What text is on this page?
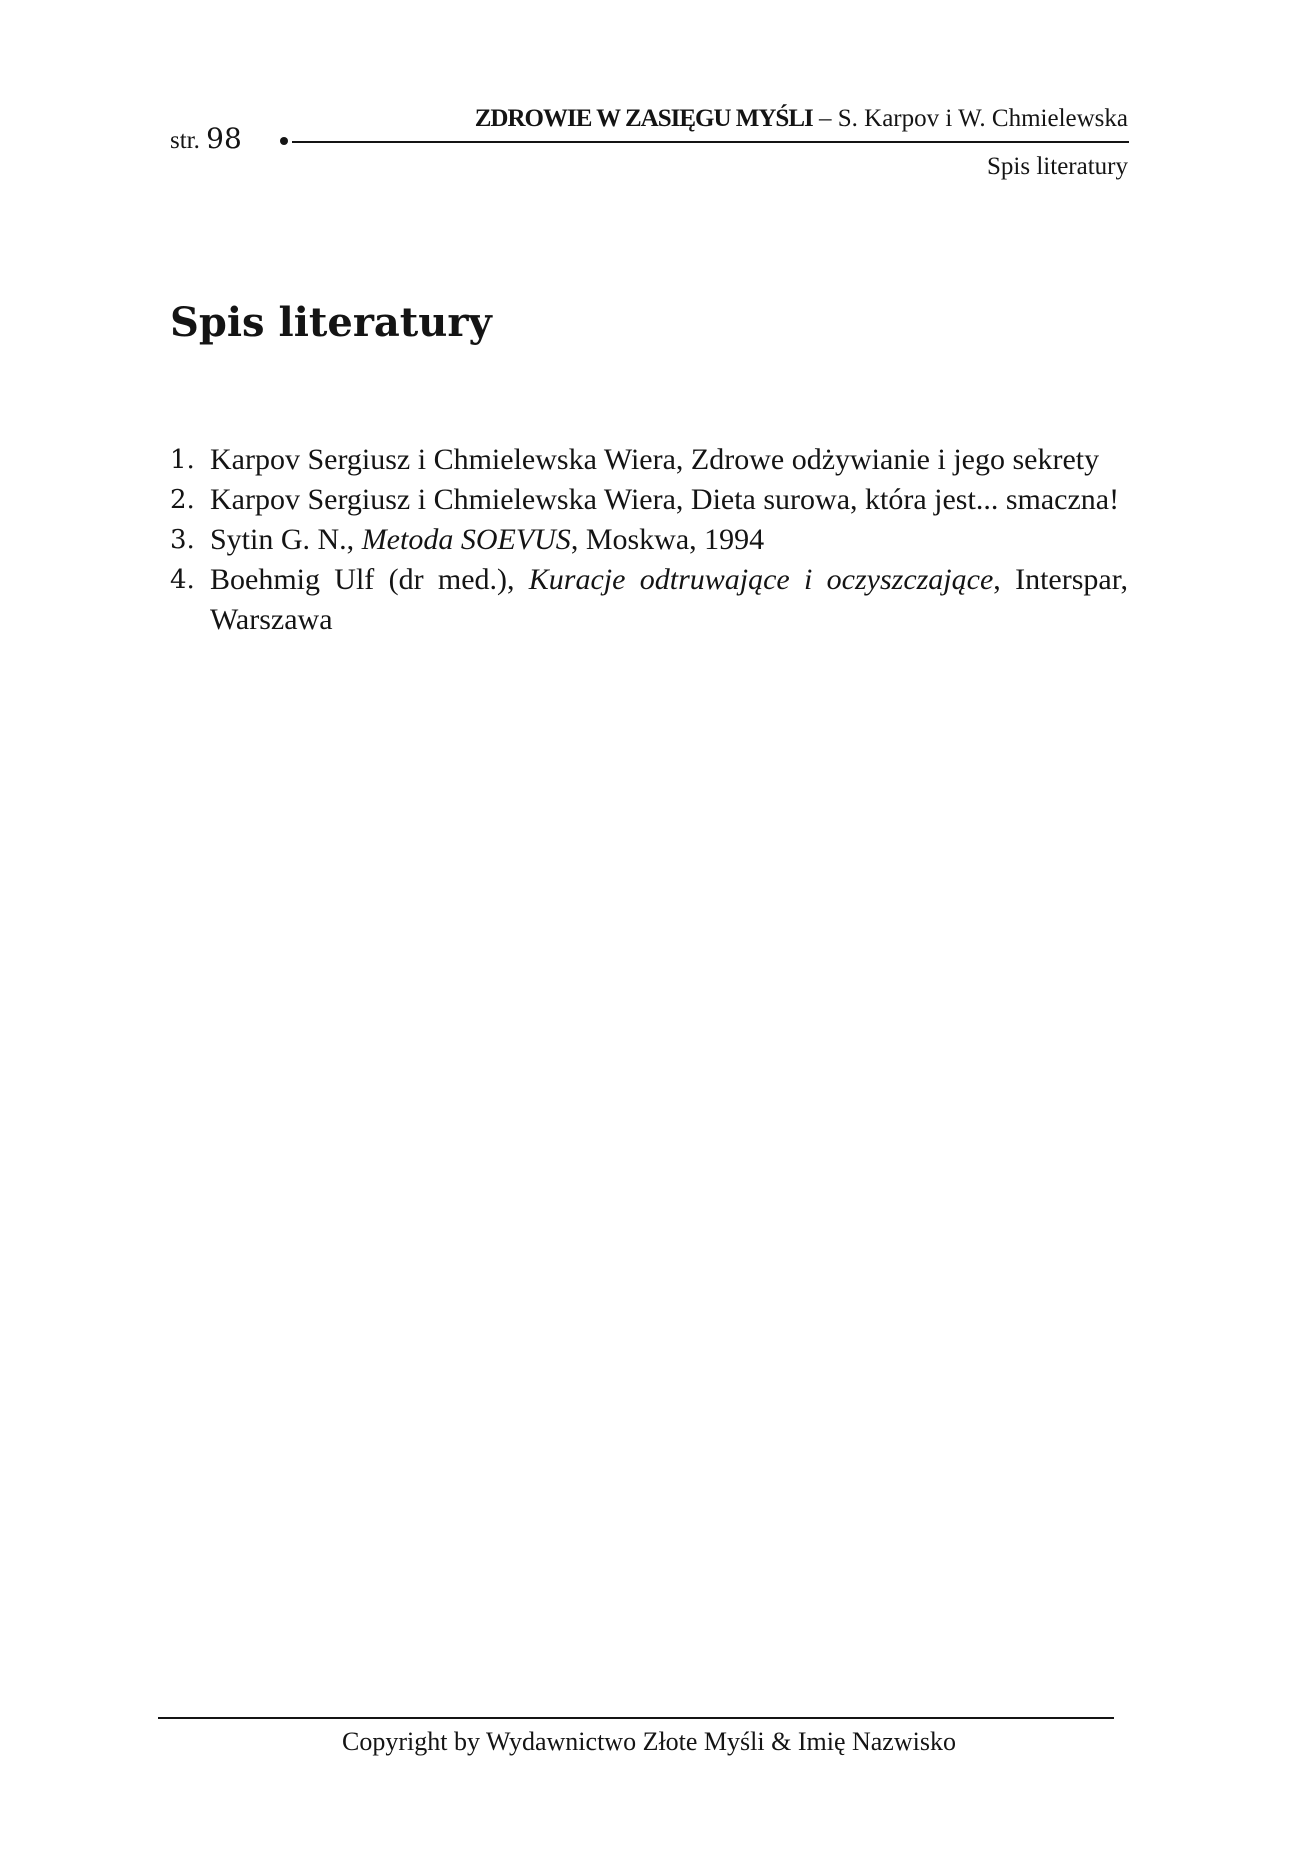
str. 98
ZDROWIE W ZASIĘGU MYŚLI – S. Karpov i W. Chmielewska
Spis literatury
Spis literatury
1. Karpov Sergiusz i Chmielewska Wiera, Zdrowe odżywianie i jego sekrety
2. Karpov Sergiusz i Chmielewska Wiera, Dieta surowa, która jest... smaczna!
3. Sytin G. N., Metoda SOEVUS, Moskwa, 1994
4. Boehmig Ulf (dr med.), Kuracje odtruwające i oczyszczające, Interspar, Warszawa
Copyright by Wydawnictwo Złote Myśli & Imię Nazwisko
